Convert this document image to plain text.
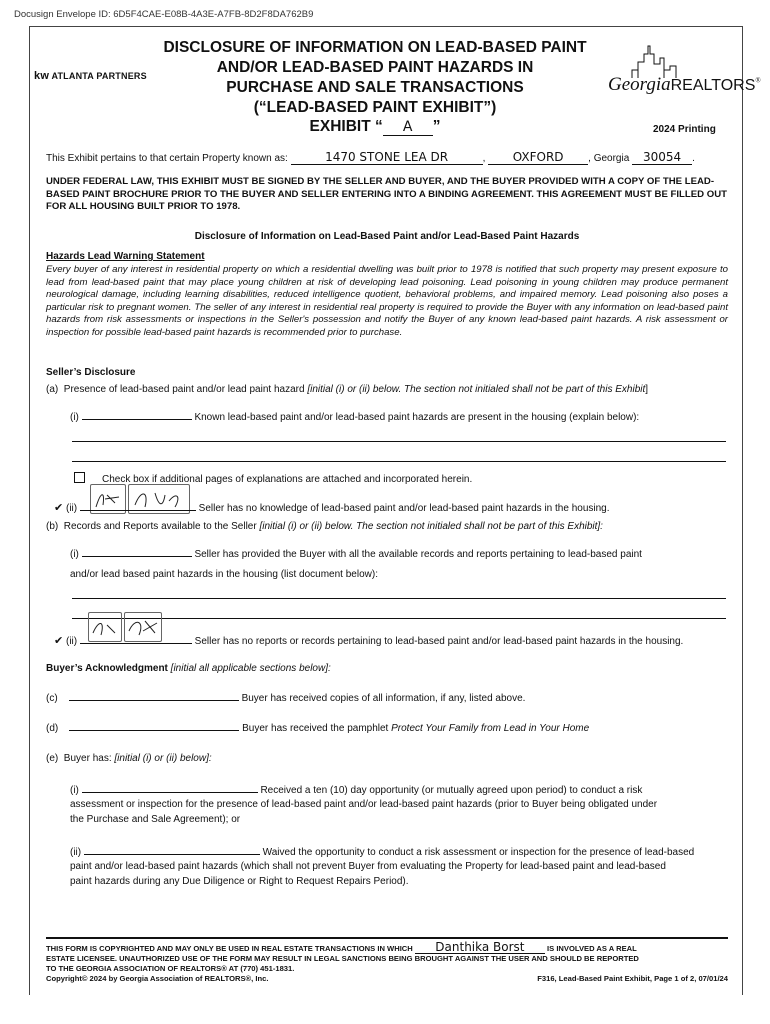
Docusign Envelope ID: 6D5F4CAE-E08B-4A3E-A7FB-8D2F8DA762B9
kw ATLANTA PARTNERS
	GeorgiaREALTORS®
DISCLOSURE OF INFORMATION ON LEAD-BASED PAINT
AND/OR LEAD-BASED PAINT HAZARDS IN
PURCHASE AND SALE TRANSACTIONS
(“LEAD-BASED PAINT EXHIBIT”)
EXHIBIT “ A ”	2024 Printing
This Exhibit pertains to that certain Property known as:	1470 STONE LEA DR	, OXFORD , Georgia 30054 .
UNDER FEDERAL LAW, THIS EXHIBIT MUST BE SIGNED BY THE SELLER AND BUYER, AND THE BUYER PROVIDED WITH A COPY OF THE LEAD-BASED PAINT BROCHURE PRIOR TO THE BUYER AND SELLER ENTERING INTO A BINDING AGREEMENT. THIS AGREEMENT MUST BE FILLED OUT FOR ALL HOUSING BUILT PRIOR TO 1978.
Disclosure of Information on Lead-Based Paint and/or Lead-Based Paint Hazards
Hazards Lead Warning Statement
Every buyer of any interest in residential property on which a residential dwelling was built prior to 1978 is notified that such property may present exposure to lead from lead-based paint that may place young children at risk of developing lead poisoning. Lead poisoning in young children may produce permanent neurological damage, including learning disabilities, reduced intelligence quotient, behavioral problems, and impaired memory. Lead poisoning also poses a particular risk to pregnant women. The seller of any interest in residential real property is required to provide the Buyer with any information on lead-based paint hazards from risk assessments or inspections in the Seller's possession and notify the Buyer of any known lead-based paint hazards. A risk assessment or inspection for possible lead-based paint hazards is recommended prior to purchase.
Seller’s Disclosure
(a) Presence of lead-based paint and/or lead paint hazard [initial (i) or (ii) below. The section not initialed shall not be part of this Exhibit]
(i)	Known lead-based paint and/or lead-based paint hazards are present in the housing (explain below):
Check box if additional pages of explanations are attached and incorporated herein.
✔ (ii)	Seller has no knowledge of lead-based paint and/or lead-based paint hazards in the housing.
(b) Records and Reports available to the Seller [initial (i) or (ii) below. The section not initialed shall not be part of this Exhibit]:
(i)	Seller has provided the Buyer with all the available records and reports pertaining to lead-based paint
and/or lead based paint hazards in the housing (list document below):
✔ (ii)	Seller has no reports or records pertaining to lead-based paint and/or lead-based paint hazards in the housing.
Buyer’s Acknowledgment [initial all applicable sections below]:
(c)	Buyer has received copies of all information, if any, listed above.
(d)	Buyer has received the pamphlet Protect Your Family from Lead in Your Home
(e) Buyer has: [initial (i) or (ii) below]:
(i)	Received a ten (10) day opportunity (or mutually agreed upon period) to conduct a risk
assessment or inspection for the presence of lead-based paint and/or lead-based paint hazards (prior to Buyer being obligated under
the Purchase and Sale Agreement); or
(ii)	Waived the opportunity to conduct a risk assessment or inspection for the presence of lead-based
paint and/or lead-based paint hazards (which shall not prevent Buyer from evaluating the Property for lead-based paint and lead-based
paint hazards during any Due Diligence or Right to Request Repairs Period).
THIS FORM IS COPYRIGHTED AND MAY ONLY BE USED IN REAL ESTATE TRANSACTIONS IN WHICH Danthika Borst	IS INVOLVED AS A REAL
ESTATE LICENSEE. UNAUTHORIZED USE OF THE FORM MAY RESULT IN LEGAL SANCTIONS BEING BROUGHT AGAINST THE USER AND SHOULD BE REPORTED
TO THE GEORGIA ASSOCIATION OF REALTORS® AT (770) 451-1831.
Copyright© 2024 by Georgia Association of REALTORS®, Inc.	F316, Lead-Based Paint Exhibit, Page 1 of 2, 07/01/24
